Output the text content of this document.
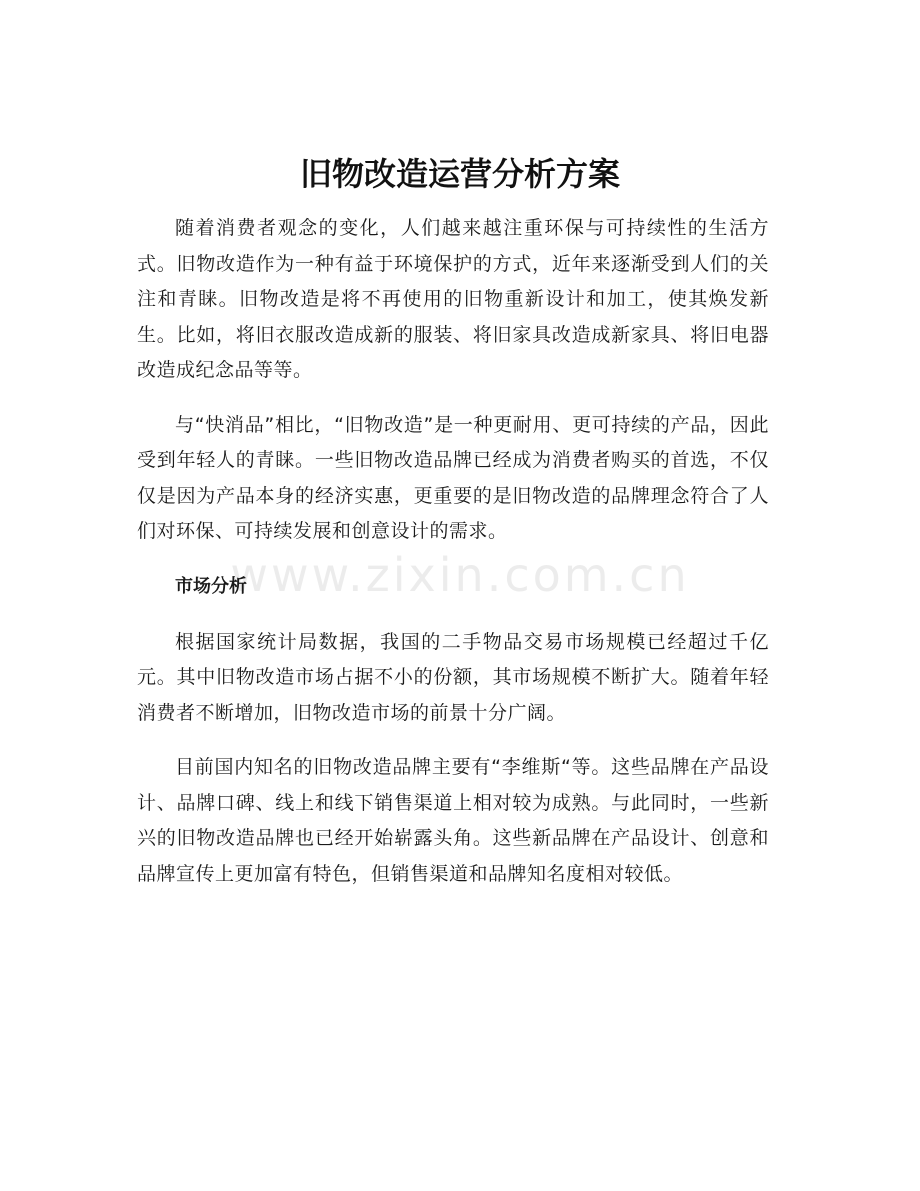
旧物改造运营分析方案
www.zixin.com.cn

随着消费者观念的变化，人们越来越注重环保与可持续性的生活方式。旧物改造作为一种有益于环境保护的方式，近年来逐渐受到人们的关注和青睐。旧物改造是将不再使用的旧物重新设计和加工，使其焕发新生。比如，将旧衣服改造成新的服装、将旧家具改造成新家具、将旧电器改造成纪念品等等。

与“快消品”相比，“旧物改造”是一种更耐用、更可持续的产品，因此受到年轻人的青睐。一些旧物改造品牌已经成为消费者购买的首选，不仅仅是因为产品本身的经济实惠，更重要的是旧物改造的品牌理念符合了人们对环保、可持续发展和创意设计的需求。

市场分析

根据国家统计局数据，我国的二手物品交易市场规模已经超过千亿元。其中旧物改造市场占据不小的份额，其市场规模不断扩大。随着年轻消费者不断增加，旧物改造市场的前景十分广阔。

目前国内知名的旧物改造品牌主要有“李维斯“等。这些品牌在产品设计、品牌口碑、线上和线下销售渠道上相对较为成熟。与此同时，一些新兴的旧物改造品牌也已经开始崭露头角。这些新品牌在产品设计、创意和品牌宣传上更加富有特色，但销售渠道和品牌知名度相对较低。
